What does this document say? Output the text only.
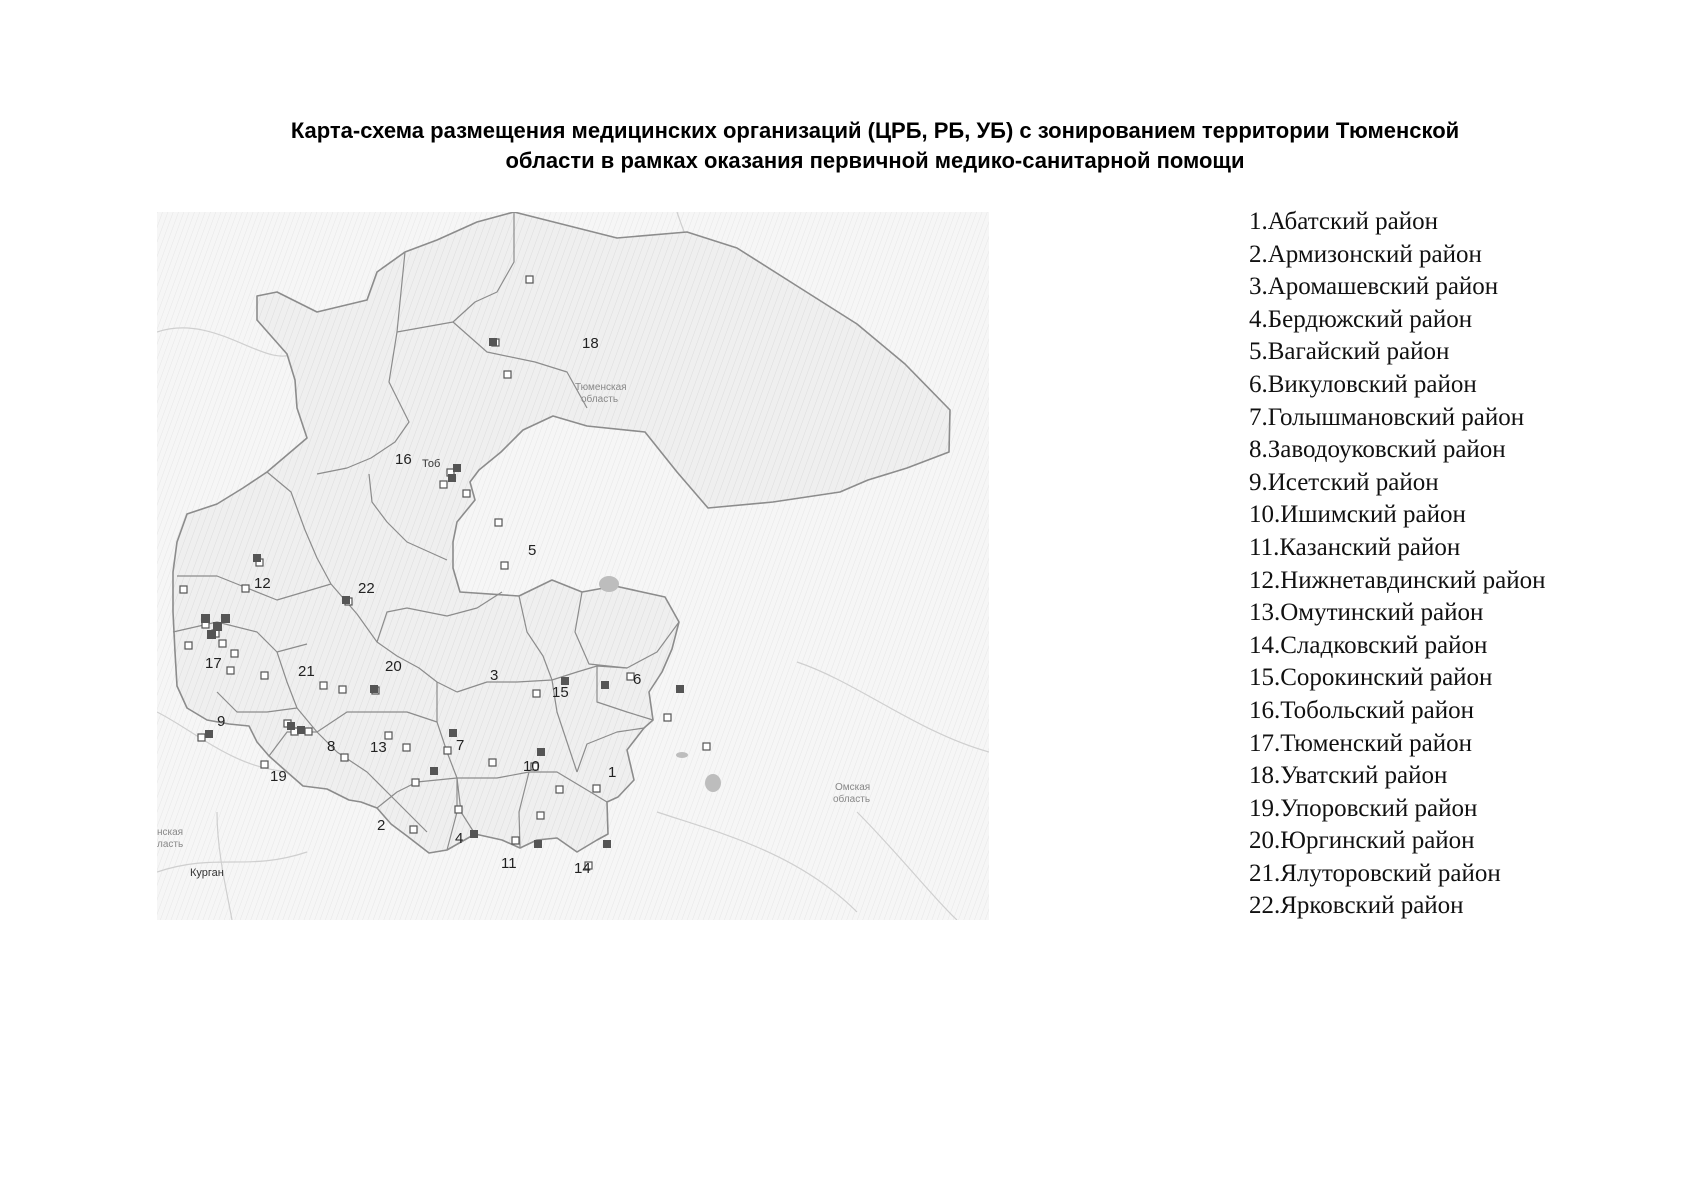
Карта-схема размещения медицинских организаций (ЦРБ, РБ, УБ) с зонированием территории Тюменской
области в рамках оказания первичной медико-санитарной помощи
1
2
3
4
5
6
7
8
9
10
11
12
13
14
15
16
17
18
19
20
21
22
Тюменская
область
Омская
область
нская
ласть
Курган
Тоб
1.Абатский район
2.Армизонский район
3.Аромашевский район
4.Бердюжский район
5.Вагайский район
6.Викуловский район
7.Голышмановский район
8.Заводоуковский район
9.Исетский район
10.Ишимский район
11.Казанский район
12.Нижнетавдинский район
13.Омутинский район
14.Сладковский район
15.Сорокинский район
16.Тобольский район
17.Тюменский район
18.Уватский район
19.Упоровский район
20.Юргинский район
21.Ялуторовский район
22.Ярковский район
